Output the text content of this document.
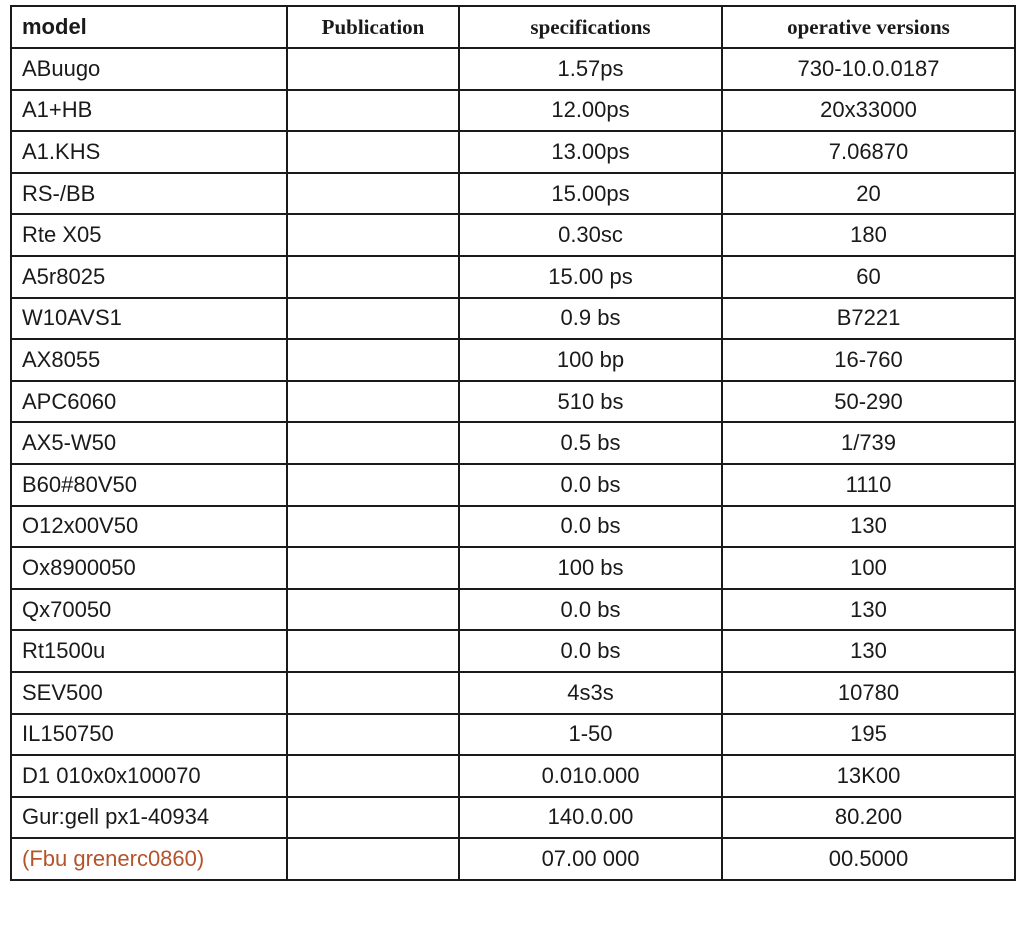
model	Publication	specifications	operative versions
ABuugo		1.57ps	730-10.0.0187
A1+HB		12.00ps	20x33000
A1.KHS		13.00ps	7.06870
RS-/BB		15.00ps	20
Rte X05		0.30sc	180
A5r8025		15.00 ps	60
W10AVS1		0.9 bs	B7221
AX8055		100 bp	16-760
APC6060		510 bs	50-290
AX5-W50		0.5 bs	1/739
B60#80V50		0.0 bs	1110
O12x00V50		0.0 bs	130
Ox8900050		100 bs	100
Qx70050		0.0 bs	130
Rt1500u		0.0 bs	130
SEV500		4s3s	10780
IL150750		1-50	195
D1 010x0x100070		0.010.000	13K00
Gur:gell px1-40934		140.0.00	80.200
(Fbu grenerc0860)		07.00 000	00.5000
